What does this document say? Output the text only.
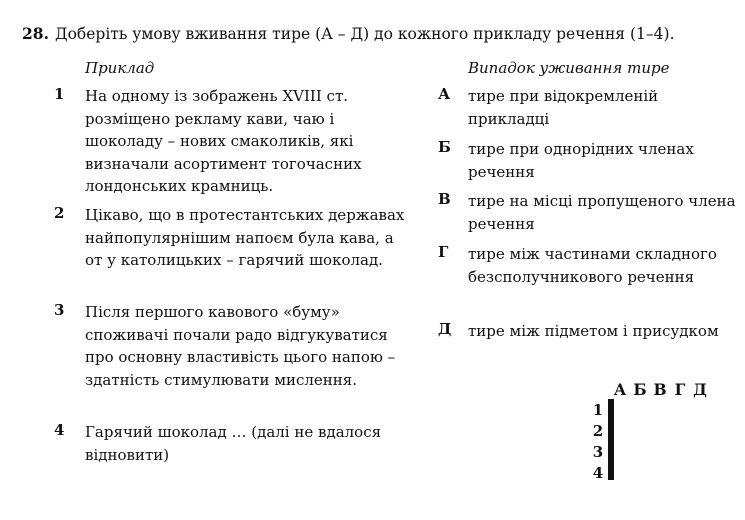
28. Доберіть умову вживання тире (А – Д) до кожного прикладу речення (1–4).
Приклад	Випадок уживання тире
1 На одному із зображень XVIII ст. розміщено рекламу кави, чаю і шоколаду – нових смаколиків, які визначали асортимент тогочасних лондонських крамниць.
2 Цікаво, що в протестантських державах найпопулярнішим напоєм була кава, а от у католицьких – гарячий шоколад.
3 Після першого кавового «буму» споживачі почали радо відгукуватися про основну властивість цього напою – здатність стимулювати мислення.
4 Гарячий шоколад … (далі не вдалося відновити)
А тире при відокремленій прикладці
Б тире при однорідних членах речення
В тире на місці пропущеного члена речення
Г тире між частинами складного безсполучникового речення
Д тире між підметом і присудком
А Б В Г Д
1
2
3
4
